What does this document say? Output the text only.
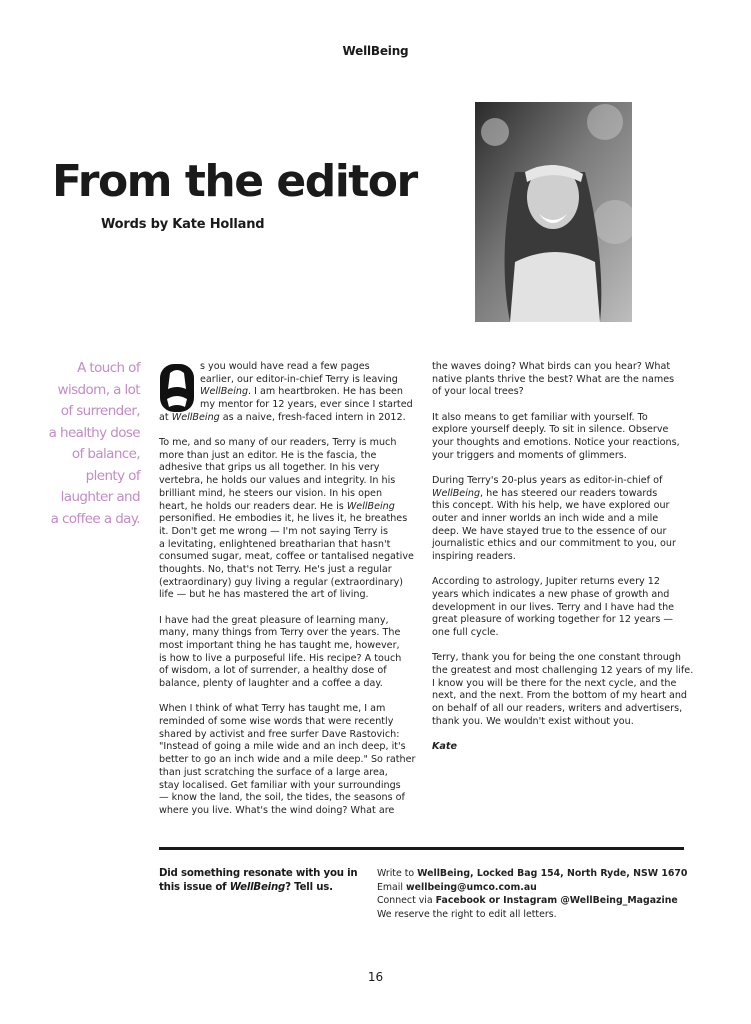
WellBeing
From the editor
Words by Kate Holland
A touch of
wisdom, a lot
of surrender,
a healthy dose
of balance,
plenty of
laughter and
a coffee a day.

s you would have read a few pages
earlier, our editor-in-chief Terry is leaving
WellBeing. I am heartbroken. He has been
my mentor for 12 years, ever since I started

at WellBeing as a naive, fresh-faced intern in 2012.

To me, and so many of our readers, Terry is much
more than just an editor. He is the fascia, the
adhesive that grips us all together. In his very
vertebra, he holds our values and integrity. In his
brilliant mind, he steers our vision. In his open
heart, he holds our readers dear. He is WellBeing
personified. He embodies it, he lives it, he breathes
it. Don't get me wrong — I'm not saying Terry is
a levitating, enlightened breatharian that hasn't
consumed sugar, meat, coffee or tantalised negative
thoughts. No, that's not Terry. He's just a regular
(extraordinary) guy living a regular (extraordinary)
life — but he has mastered the art of living.

I have had the great pleasure of learning many,
many, many things from Terry over the years. The
most important thing he has taught me, however,
is how to live a purposeful life. His recipe? A touch
of wisdom, a lot of surrender, a healthy dose of
balance, plenty of laughter and a coffee a day.

When I think of what Terry has taught me, I am
reminded of some wise words that were recently
shared by activist and free surfer Dave Rastovich:
"Instead of going a mile wide and an inch deep, it's
better to go an inch wide and a mile deep." So rather
than just scratching the surface of a large area,
stay localised. Get familiar with your surroundings
— know the land, the soil, the tides, the seasons of
where you live. What's the wind doing? What are

the waves doing? What birds can you hear? What
native plants thrive the best? What are the names
of your local trees?

It also means to get familiar with yourself. To
explore yourself deeply. To sit in silence. Observe
your thoughts and emotions. Notice your reactions,
your triggers and moments of glimmers.

During Terry's 20-plus years as editor-in-chief of
WellBeing, he has steered our readers towards
this concept. With his help, we have explored our
outer and inner worlds an inch wide and a mile
deep. We have stayed true to the essence of our
journalistic ethics and our commitment to you, our
inspiring readers.

According to astrology, Jupiter returns every 12
years which indicates a new phase of growth and
development in our lives. Terry and I have had the
great pleasure of working together for 12 years —
one full cycle.

Terry, thank you for being the one constant through
the greatest and most challenging 12 years of my life.
I know you will be there for the next cycle, and the
next, and the next. From the bottom of my heart and
on behalf of all our readers, writers and advertisers,
thank you. We wouldn't exist without you.

Kate

Did something resonate with you in
this issue of WellBeing? Tell us.
Write to WellBeing, Locked Bag 154, North Ryde, NSW 1670
Email wellbeing@umco.com.au
Connect via Facebook or Instagram @WellBeing_Magazine
We reserve the right to edit all letters.
16
